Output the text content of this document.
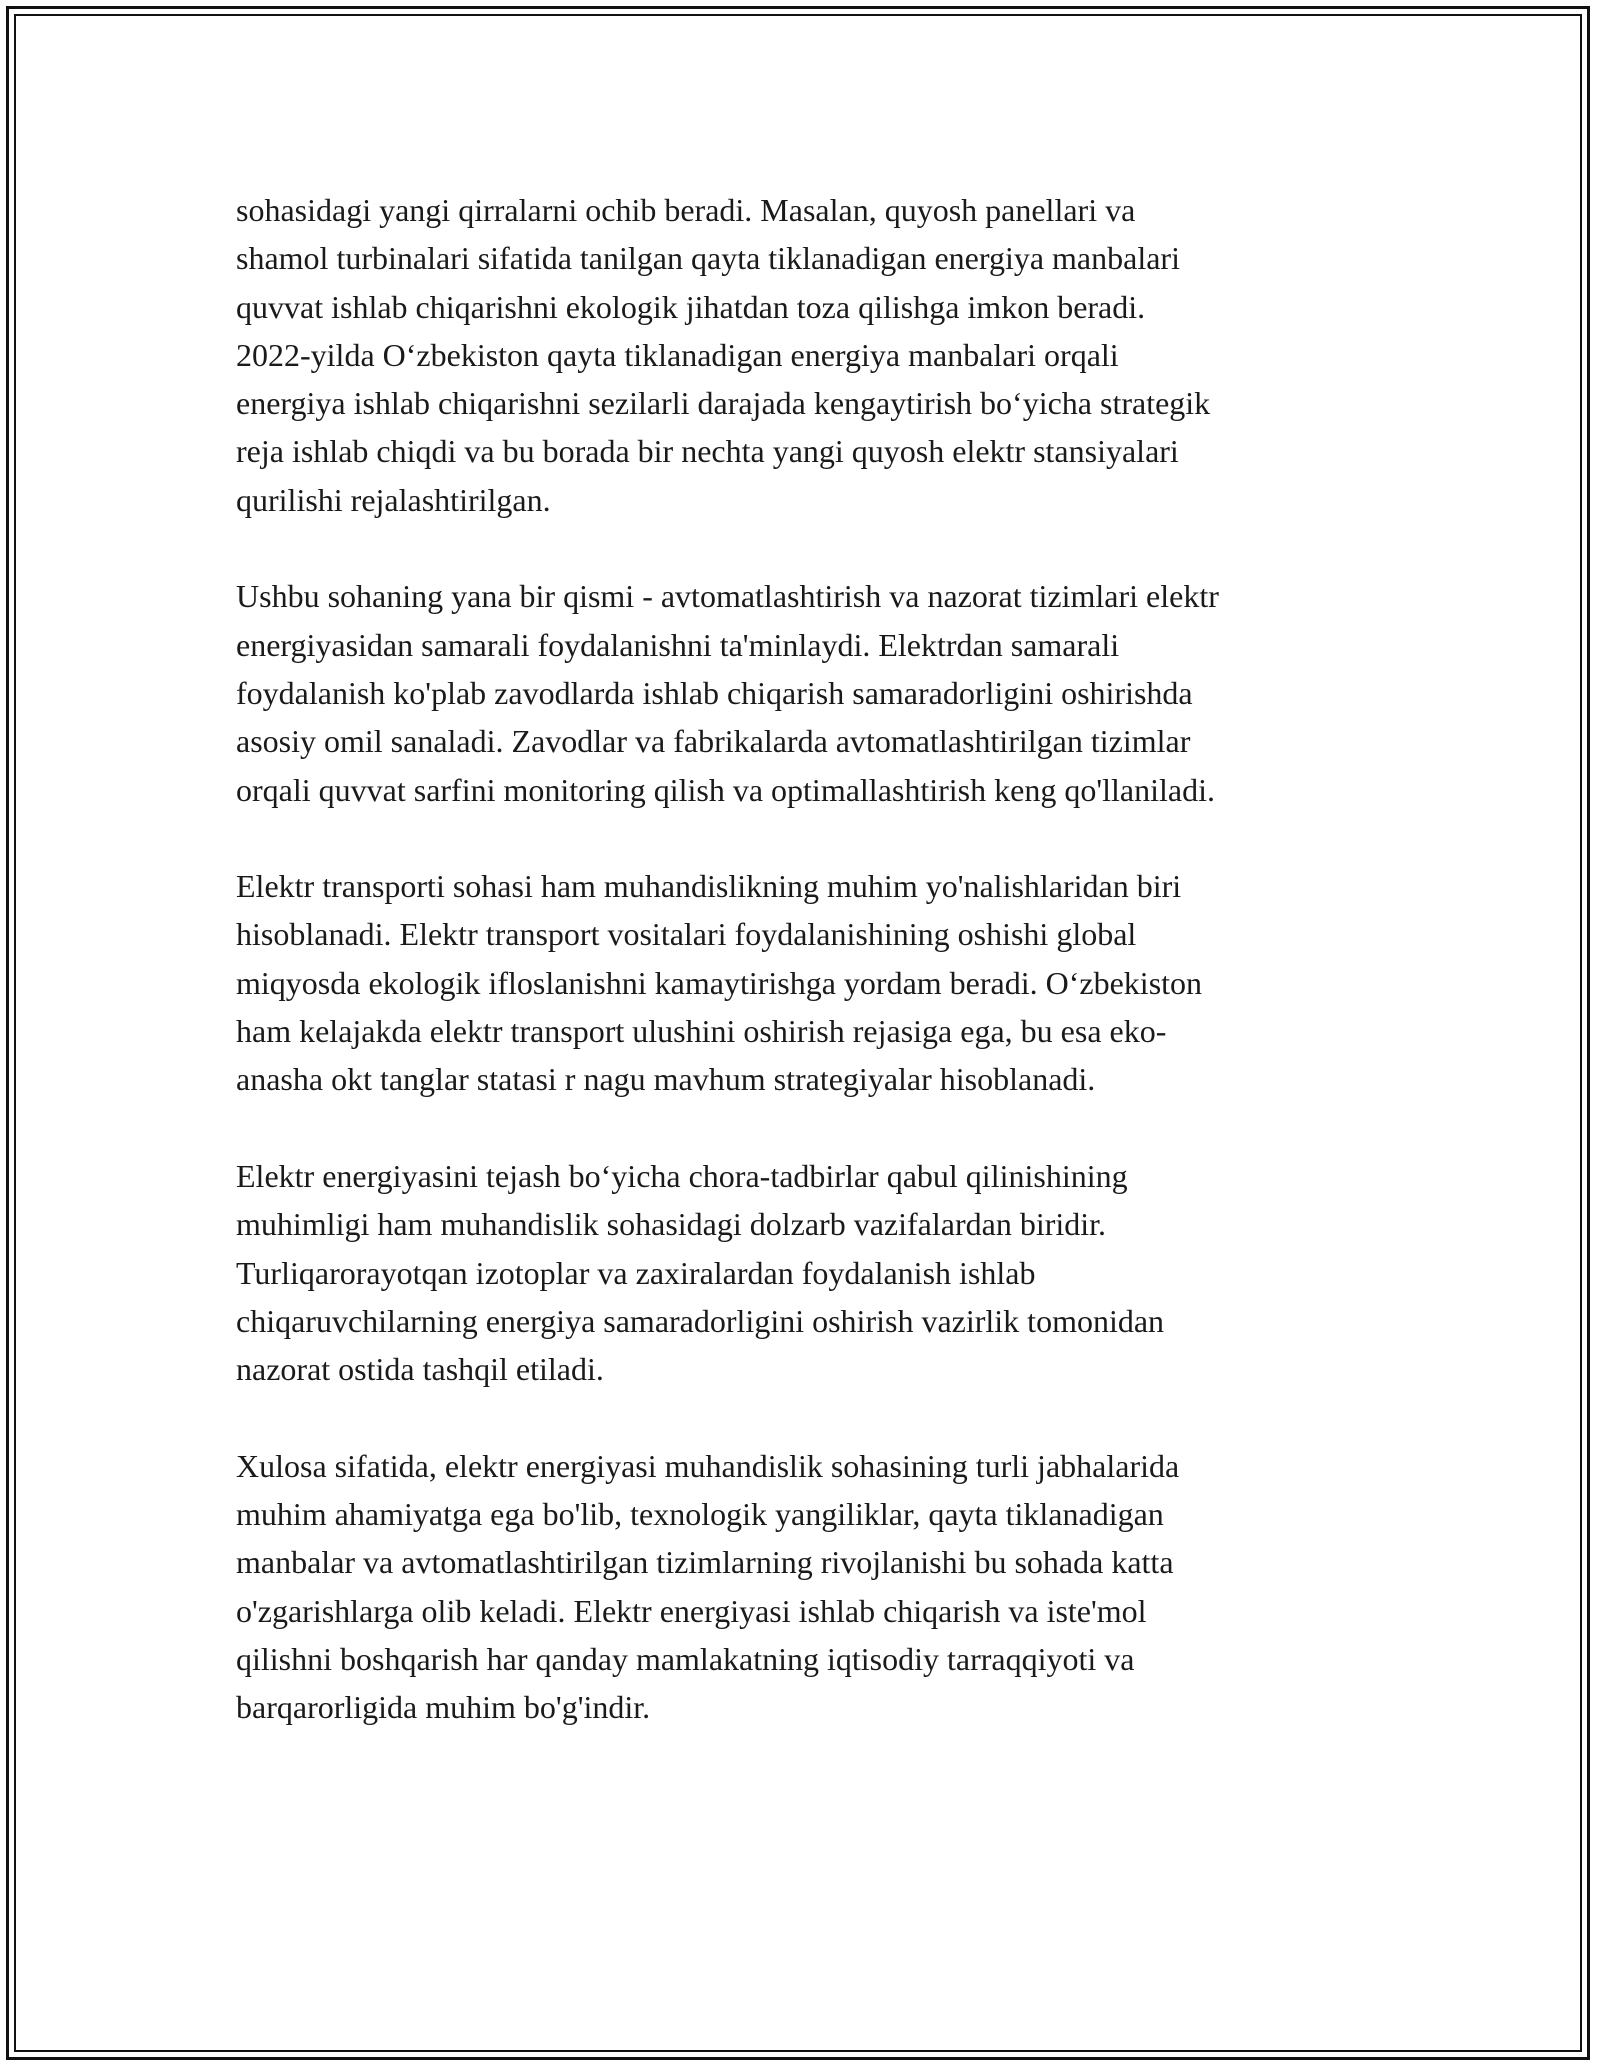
sohasidagi yangi qirralarni ochib beradi. Masalan, quyosh panellari va
shamol turbinalari sifatida tanilgan qayta tiklanadigan energiya manbalari
quvvat ishlab chiqarishni ekologik jihatdan toza qilishga imkon beradi.
2022-yilda O‘zbekiston qayta tiklanadigan energiya manbalari orqali
energiya ishlab chiqarishni sezilarli darajada kengaytirish bo‘yicha strategik
reja ishlab chiqdi va bu borada bir nechta yangi quyosh elektr stansiyalari
qurilishi rejalashtirilgan.

Ushbu sohaning yana bir qismi - avtomatlashtirish va nazorat tizimlari elektr
energiyasidan samarali foydalanishni ta'minlaydi. Elektrdan samarali
foydalanish ko'plab zavodlarda ishlab chiqarish samaradorligini oshirishda
asosiy omil sanaladi. Zavodlar va fabrikalarda avtomatlashtirilgan tizimlar
orqali quvvat sarfini monitoring qilish va optimallashtirish keng qo'llaniladi.

Elektr transporti sohasi ham muhandislikning muhim yo'nalishlaridan biri
hisoblanadi. Elektr transport vositalari foydalanishining oshishi global
miqyosda ekologik ifloslanishni kamaytirishga yordam beradi. O‘zbekiston
ham kelajakda elektr transport ulushini oshirish rejasiga ega, bu esa eko-
anasha okt tanglar statasi r nagu mavhum strategiyalar hisoblanadi.

Elektr energiyasini tejash bo‘yicha chora-tadbirlar qabul qilinishining
muhimligi ham muhandislik sohasidagi dolzarb vazifalardan biridir.
Turliqarorayotqan izotoplar va zaxiralardan foydalanish ishlab
chiqaruvchilarning energiya samaradorligini oshirish vazirlik tomonidan
nazorat ostida tashqil etiladi.

Xulosa sifatida, elektr energiyasi muhandislik sohasining turli jabhalarida
muhim ahamiyatga ega bo'lib, texnologik yangiliklar, qayta tiklanadigan
manbalar va avtomatlashtirilgan tizimlarning rivojlanishi bu sohada katta
o'zgarishlarga olib keladi. Elektr energiyasi ishlab chiqarish va iste'mol
qilishni boshqarish har qanday mamlakatning iqtisodiy tarraqqiyoti va
barqarorligida muhim bo'g'indir.
